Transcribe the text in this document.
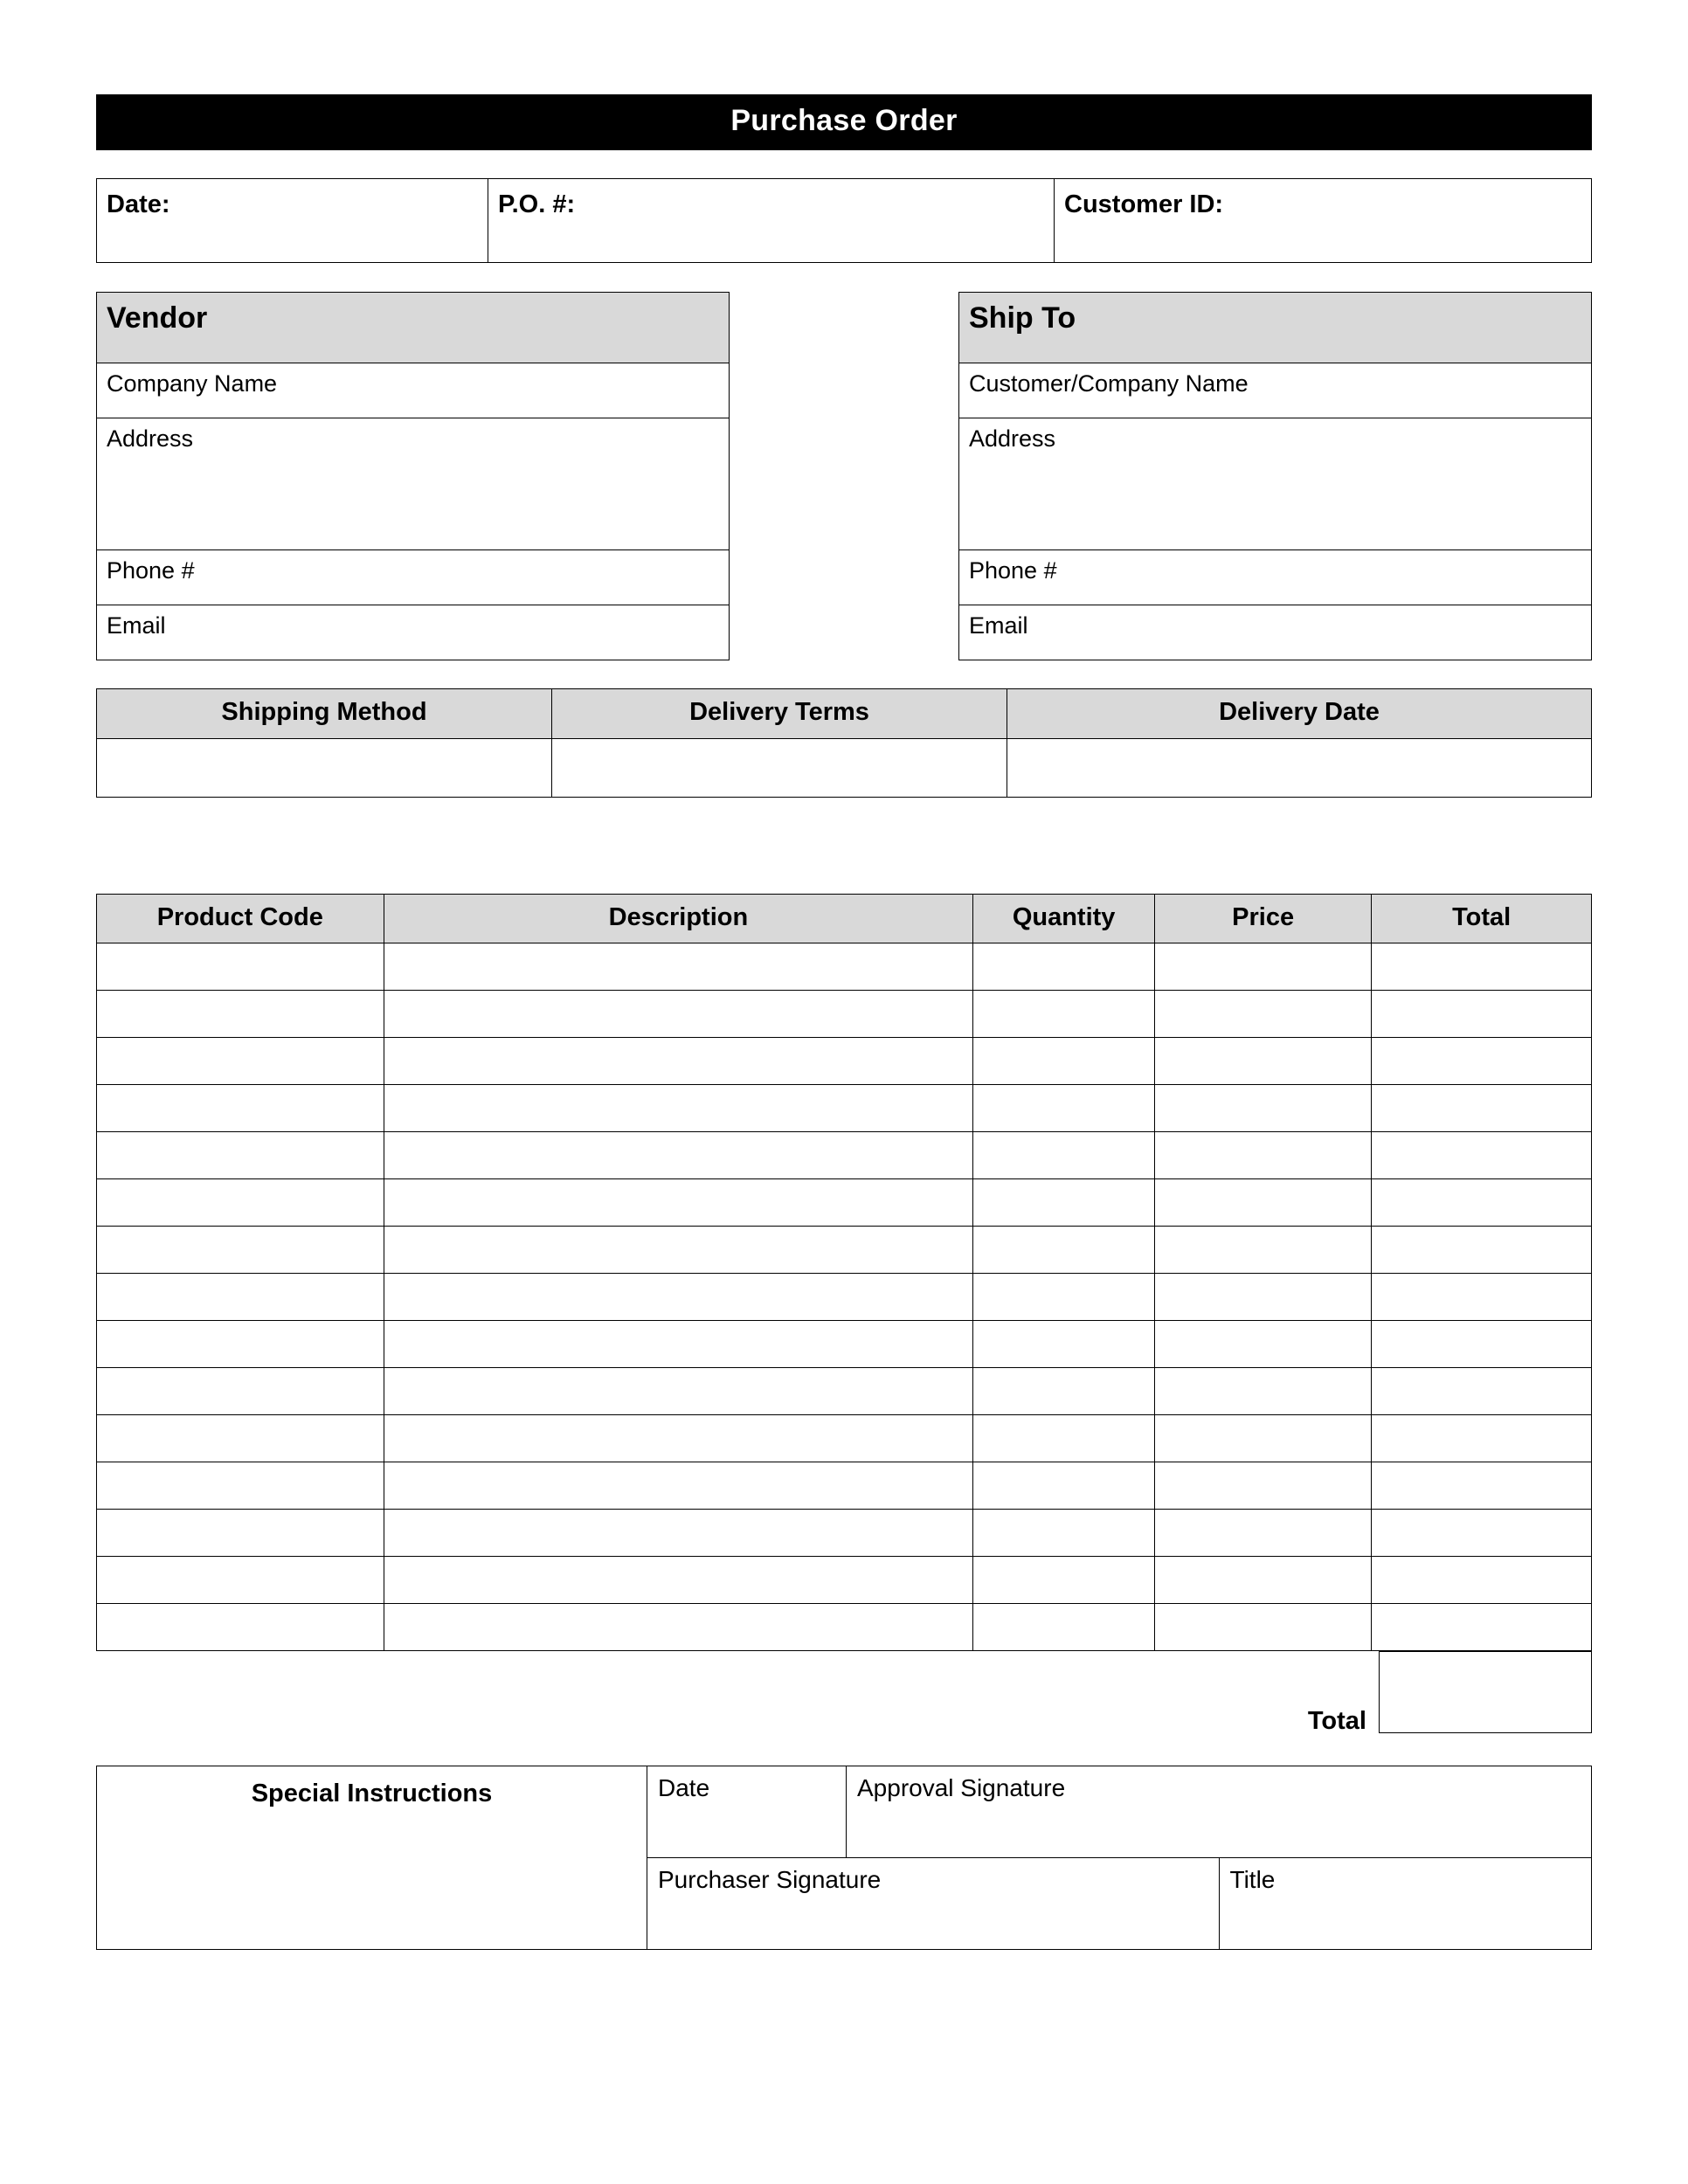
Purchase Order
Date:	P.O. #:	Customer ID:
Vendor
Company Name
Address
Phone #
Email
Ship To
Customer/Company Name
Address
Phone #
Email
Shipping Method	Delivery Terms	Delivery Date

Product Code	Description	Quantity	Price	Total

Total
Special Instructions	Date	Approval Signature	
	Purchaser Signature		Title
